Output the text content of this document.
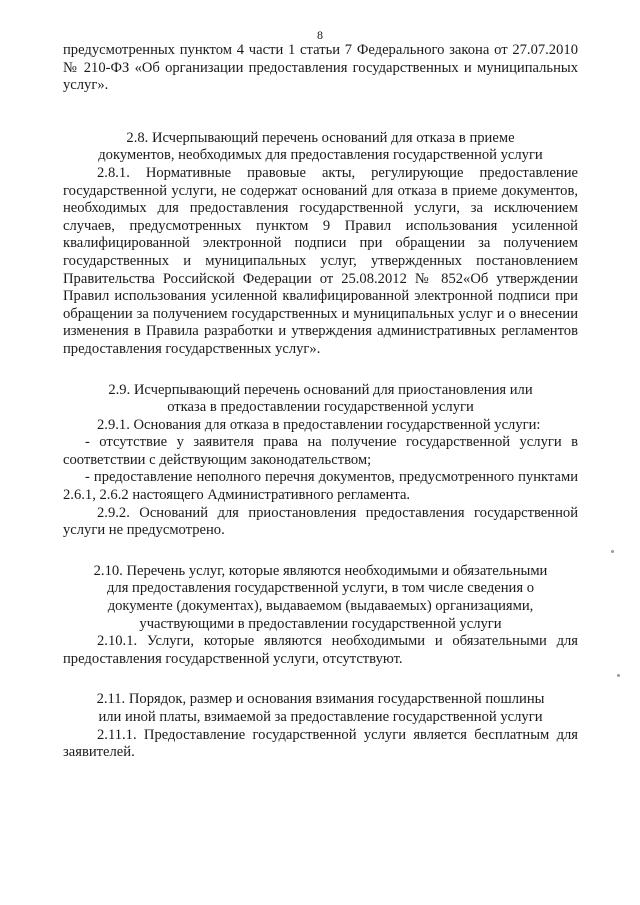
8

предусмотренных пунктом 4 части 1 статьи 7 Федерального закона от 27.07.2010 № 210-ФЗ «Об организации предоставления государственных и муниципальных услуг».

2.8. Исчерпывающий перечень оснований для отказа в приеме документов, необходимых для предоставления государственной услуги

2.8.1. Нормативные правовые акты, регулирующие предоставление государственной услуги, не содержат оснований для отказа в приеме документов, необходимых для предоставления государственной услуги, за исключением случаев, предусмотренных пунктом 9 Правил использования усиленной квалифицированной электронной подписи при обращении за получением государственных и муниципальных услуг, утвержденных постановлением Правительства Российской Федерации от 25.08.2012 № 852«Об утверждении Правил использования усиленной квалифицированной электронной подписи при обращении за получением государственных и муниципальных услуг и о внесении изменения в Правила разработки и утверждения административных регламентов предоставления государственных услуг».

2.9. Исчерпывающий перечень оснований для приостановления или отказа в предоставлении государственной услуги

2.9.1. Основания для отказа в предоставлении государственной услуги:

- отсутствие у заявителя права на получение государственной услуги в соответствии с действующим законодательством;

- предоставление неполного перечня документов, предусмотренного пунктами 2.6.1, 2.6.2 настоящего Административного регламента.

2.9.2. Оснований для приостановления предоставления государственной услуги не предусмотрено.

2.10. Перечень услуг, которые являются необходимыми и обязательными для предоставления государственной услуги, в том числе сведения о документе (документах), выдаваемом (выдаваемых) организациями, участвующими в предоставлении государственной услуги

2.10.1. Услуги, которые являются необходимыми и обязательными для предоставления государственной услуги, отсутствуют.

2.11. Порядок, размер и основания взимания государственной пошлины или иной платы, взимаемой за предоставление государственной услуги

2.11.1. Предоставление государственной услуги является бесплатным для заявителей.
